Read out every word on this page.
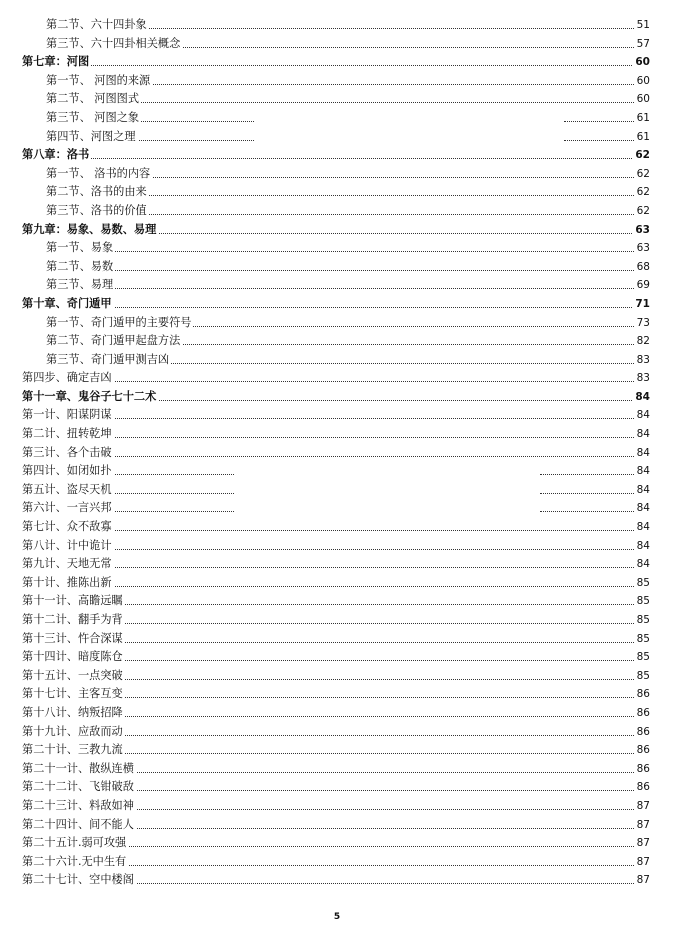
第二节、六十四卦象	51
第三节、六十四卦相关概念	57
第七章：河图	60
第一节、 河图的来源	60
第二节、 河图图式	60
第三节、 河图之象	61
第四节、河图之理	61
第八章：洛书	62
第一节、 洛书的内容	62
第二节、洛书的由来	62
第三节、洛书的价值	62
第九章：易象、易数、易理	63
第一节、易象	63
第二节、易数	68
第三节、易理	69
第十章、奇门遁甲	71
第一节、奇门遁甲的主要符号	73
第二节、奇门遁甲起盘方法	82
第三节、奇门遁甲测吉凶	83
第四步、确定吉凶	83
第十一章、鬼谷子七十二术	84
第一计、阳谋阴谋	84
第二计、扭转乾坤	84
第三计、各个击破	84
第四计、如闭如扑	84
第五计、盗尽天机	84
第六计、一言兴邦	84
第七计、众不敌寡	84
第八计、计中诡计	84
第九计、天地无常	84
第十计、推陈出新	85
第十一计、高瞻远瞩	85
第十二计、翻手为背	85
第十三计、忤合深谋	85
第十四计、暗度陈仓	85
第十五计、一点突破	85
第十七计、主客互变	86
第十八计、纳叛招降	86
第十九计、应敌而动	86
第二十计、三教九流	86
第二十一计、散纵连横	86
第二十二计、飞钳破敌	86
第二十三计、料敌如神	87
第二十四计、间不能人	87
第二十五计.弱可攻强	87
第二十六计.无中生有	87
第二十七计、空中楼阁	87
5
